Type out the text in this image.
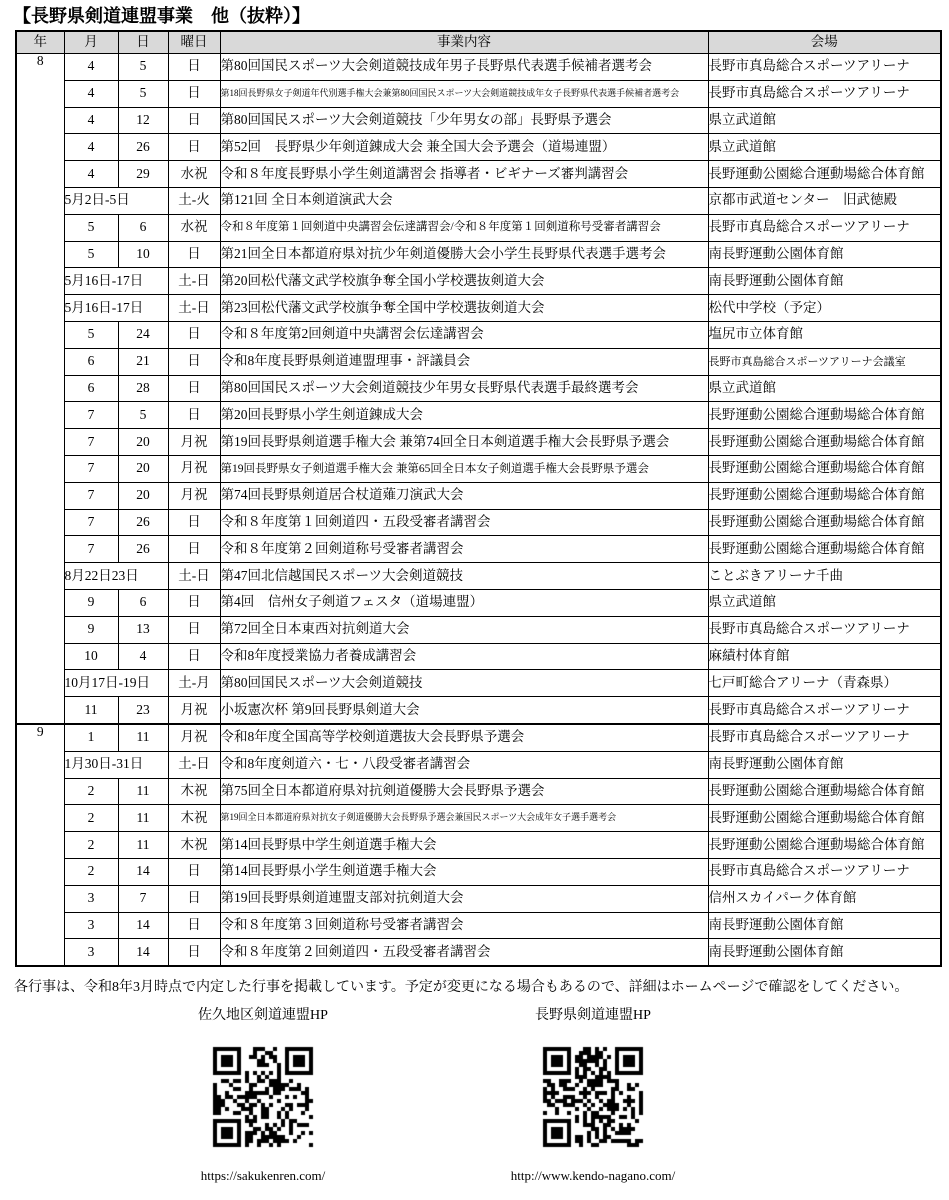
【長野県剣道連盟事業　他（抜粋）】
年	月	日	曜日	事業内容	会場
8	4	5	日	第80回国民スポーツ大会剣道競技成年男子長野県代表選手候補者選考会	長野市真島総合スポーツアリーナ
	4	5	日	第18回長野県女子剣道年代別選手権大会兼第80回国民スポーツ大会剣道競技成年女子長野県代表選手候補者選考会	長野市真島総合スポーツアリーナ
	4	12	日	第80回国民スポーツ大会剣道競技「少年男女の部」長野県予選会	県立武道館
	4	26	日	第52回　長野県少年剣道錬成大会 兼全国大会予選会（道場連盟）	県立武道館
	4	29	水祝	令和８年度長野県小学生剣道講習会 指導者・ビギナーズ審判講習会	長野運動公園総合運動場総合体育館
	5月2日-5日		土-火	第121回 全日本剣道演武大会	京都市武道センター　旧武徳殿
	5	6	水祝	令和８年度第１回剣道中央講習会伝達講習会/令和８年度第１回剣道称号受審者講習会	長野市真島総合スポーツアリーナ
	5	10	日	第21回全日本都道府県対抗少年剣道優勝大会小学生長野県代表選手選考会	南長野運動公園体育館
	5月16日-17日		土-日	第20回松代藩文武学校旗争奪全国小学校選抜剣道大会	南長野運動公園体育館
	5月16日-17日		土-日	第23回松代藩文武学校旗争奪全国中学校選抜剣道大会	松代中学校（予定）
	5	24	日	令和８年度第2回剣道中央講習会伝達講習会	塩尻市立体育館
	6	21	日	令和8年度長野県剣道連盟理事・評議員会	長野市真島総合スポーツアリーナ会議室
	6	28	日	第80回国民スポーツ大会剣道競技少年男女長野県代表選手最終選考会	県立武道館
	7	5	日	第20回長野県小学生剣道錬成大会	長野運動公園総合運動場総合体育館
	7	20	月祝	第19回長野県剣道選手権大会 兼第74回全日本剣道選手権大会長野県予選会	長野運動公園総合運動場総合体育館
	7	20	月祝	第19回長野県女子剣道選手権大会 兼第65回全日本女子剣道選手権大会長野県予選会	長野運動公園総合運動場総合体育館
	7	20	月祝	第74回長野県剣道居合杖道薙刀演武大会	長野運動公園総合運動場総合体育館
	7	26	日	令和８年度第１回剣道四・五段受審者講習会	長野運動公園総合運動場総合体育館
	7	26	日	令和８年度第２回剣道称号受審者講習会	長野運動公園総合運動場総合体育館
	8月22日23日		土-日	第47回北信越国民スポーツ大会剣道競技	ことぶきアリーナ千曲
	9	6	日	第4回　信州女子剣道フェスタ（道場連盟）	県立武道館
	9	13	日	第72回全日本東西対抗剣道大会	長野市真島総合スポーツアリーナ
	10	4	日	令和8年度授業協力者養成講習会	麻績村体育館
	10月17日-19日		土-月	第80回国民スポーツ大会剣道競技	七戸町総合アリーナ（青森県）
	11	23	月祝	小坂憲次杯 第9回長野県剣道大会	長野市真島総合スポーツアリーナ
9	1	11	月祝	令和8年度全国高等学校剣道選抜大会長野県予選会	長野市真島総合スポーツアリーナ
	1月30日-31日		土-日	令和8年度剣道六・七・八段受審者講習会	南長野運動公園体育館
	2	11	木祝	第75回全日本都道府県対抗剣道優勝大会長野県予選会	長野運動公園総合運動場総合体育館
	2	11	木祝	第19回全日本都道府県対抗女子剣道優勝大会長野県予選会兼国民スポーツ大会成年女子選手選考会	長野運動公園総合運動場総合体育館
	2	11	木祝	第14回長野県中学生剣道選手権大会	長野運動公園総合運動場総合体育館
	2	14	日	第14回長野県小学生剣道選手権大会	長野市真島総合スポーツアリーナ
	3	7	日	第19回長野県剣道連盟支部対抗剣道大会	信州スカイパーク体育館
	3	14	日	令和８年度第３回剣道称号受審者講習会	南長野運動公園体育館
	3	14	日	令和８年度第２回剣道四・五段受審者講習会	南長野運動公園体育館

各行事は、令和8年3月時点で内定した行事を掲載しています。予定が変更になる場合もあるので、詳細はホームページで確認をしてください。

佐久地区剣道連盟HP
https://sakukenren.com/
長野県剣道連盟HP
http://www.kendo-nagano.com/
